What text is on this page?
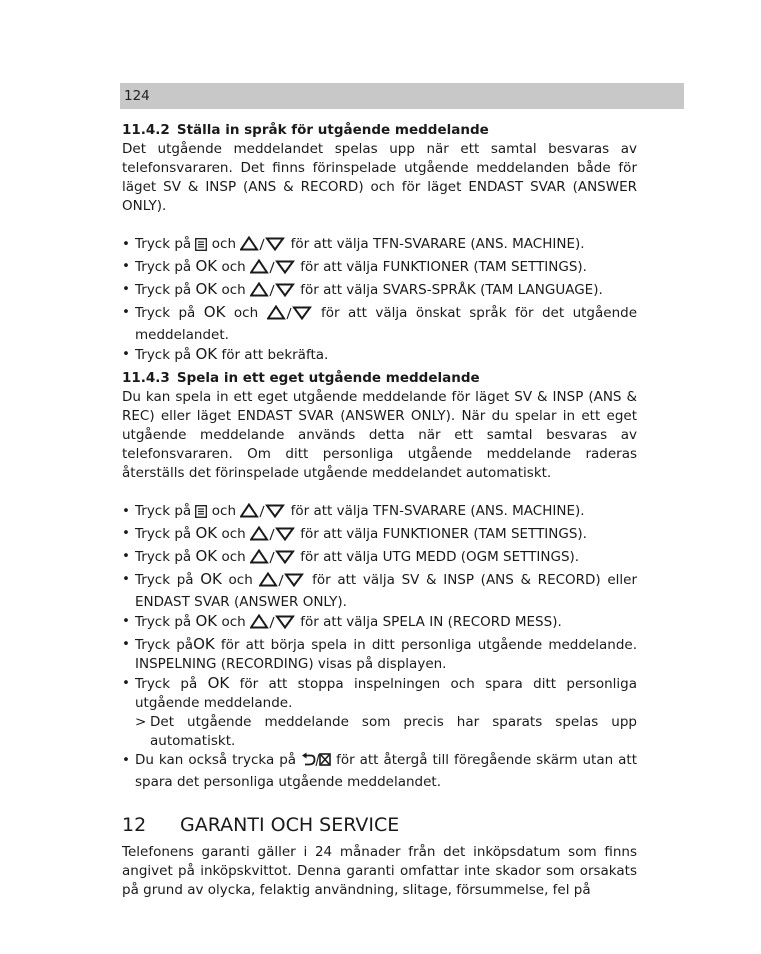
124
11.4.2 Ställa in språk för utgående meddelande

Det utgående meddelandet spelas upp när ett samtal besvaras av telefonsvararen. Det finns förinspelade utgående meddelanden både för läget SV & INSP (ANS & RECORD) och för läget ENDAST SVAR (ANSWER ONLY).

• Tryck på och	för att välja TFN-SVARARE (ANS. MACHINE).
• Tryck på OK och	för att välja FUNKTIONER (TAM SETTINGS).
• Tryck på OK och	för att välja SVARS-SPRÅK (TAM LANGUAGE).
• Tryck på OK och	för att välja önskat språk för det utgående meddelandet.
• Tryck på OK för att bekräfta.
11.4.3 Spela in ett eget utgående meddelande

Du kan spela in ett eget utgående meddelande för läget SV & INSP (ANS & REC) eller läget ENDAST SVAR (ANSWER ONLY). När du spelar in ett eget utgående meddelande används detta när ett samtal besvaras av telefonsvararen. Om ditt personliga utgående meddelande raderas återställs det förinspelade utgående meddelandet automatiskt.

• Tryck på och	för att välja TFN-SVARARE (ANS. MACHINE).
• Tryck på OK och	för att välja FUNKTIONER (TAM SETTINGS).
• Tryck på OK och	för att välja UTG MEDD (OGM SETTINGS).
• Tryck på OK och	för att välja SV & INSP (ANS & RECORD) eller ENDAST SVAR (ANSWER ONLY).
• Tryck på OK och	för att välja SPELA IN (RECORD MESS).
• Tryck påOK för att börja spela in ditt personliga utgående meddelande. INSPELNING (RECORDING) visas på displayen.
• Tryck på OK för att stoppa inspelningen och spara ditt personliga utgående meddelande.
> Det utgående meddelande som precis har sparats spelas upp automatiskt.
• Du kan också trycka på	för att återgå till föregående skärm utan att spara det personliga utgående meddelandet.
12 GARANTI OCH SERVICE

Telefonens garanti gäller i 24 månader från det inköpsdatum som finns angivet på inköpskvittot. Denna garanti omfattar inte skador som orsakats på grund av olycka, felaktig användning, slitage, försummelse, fel på
